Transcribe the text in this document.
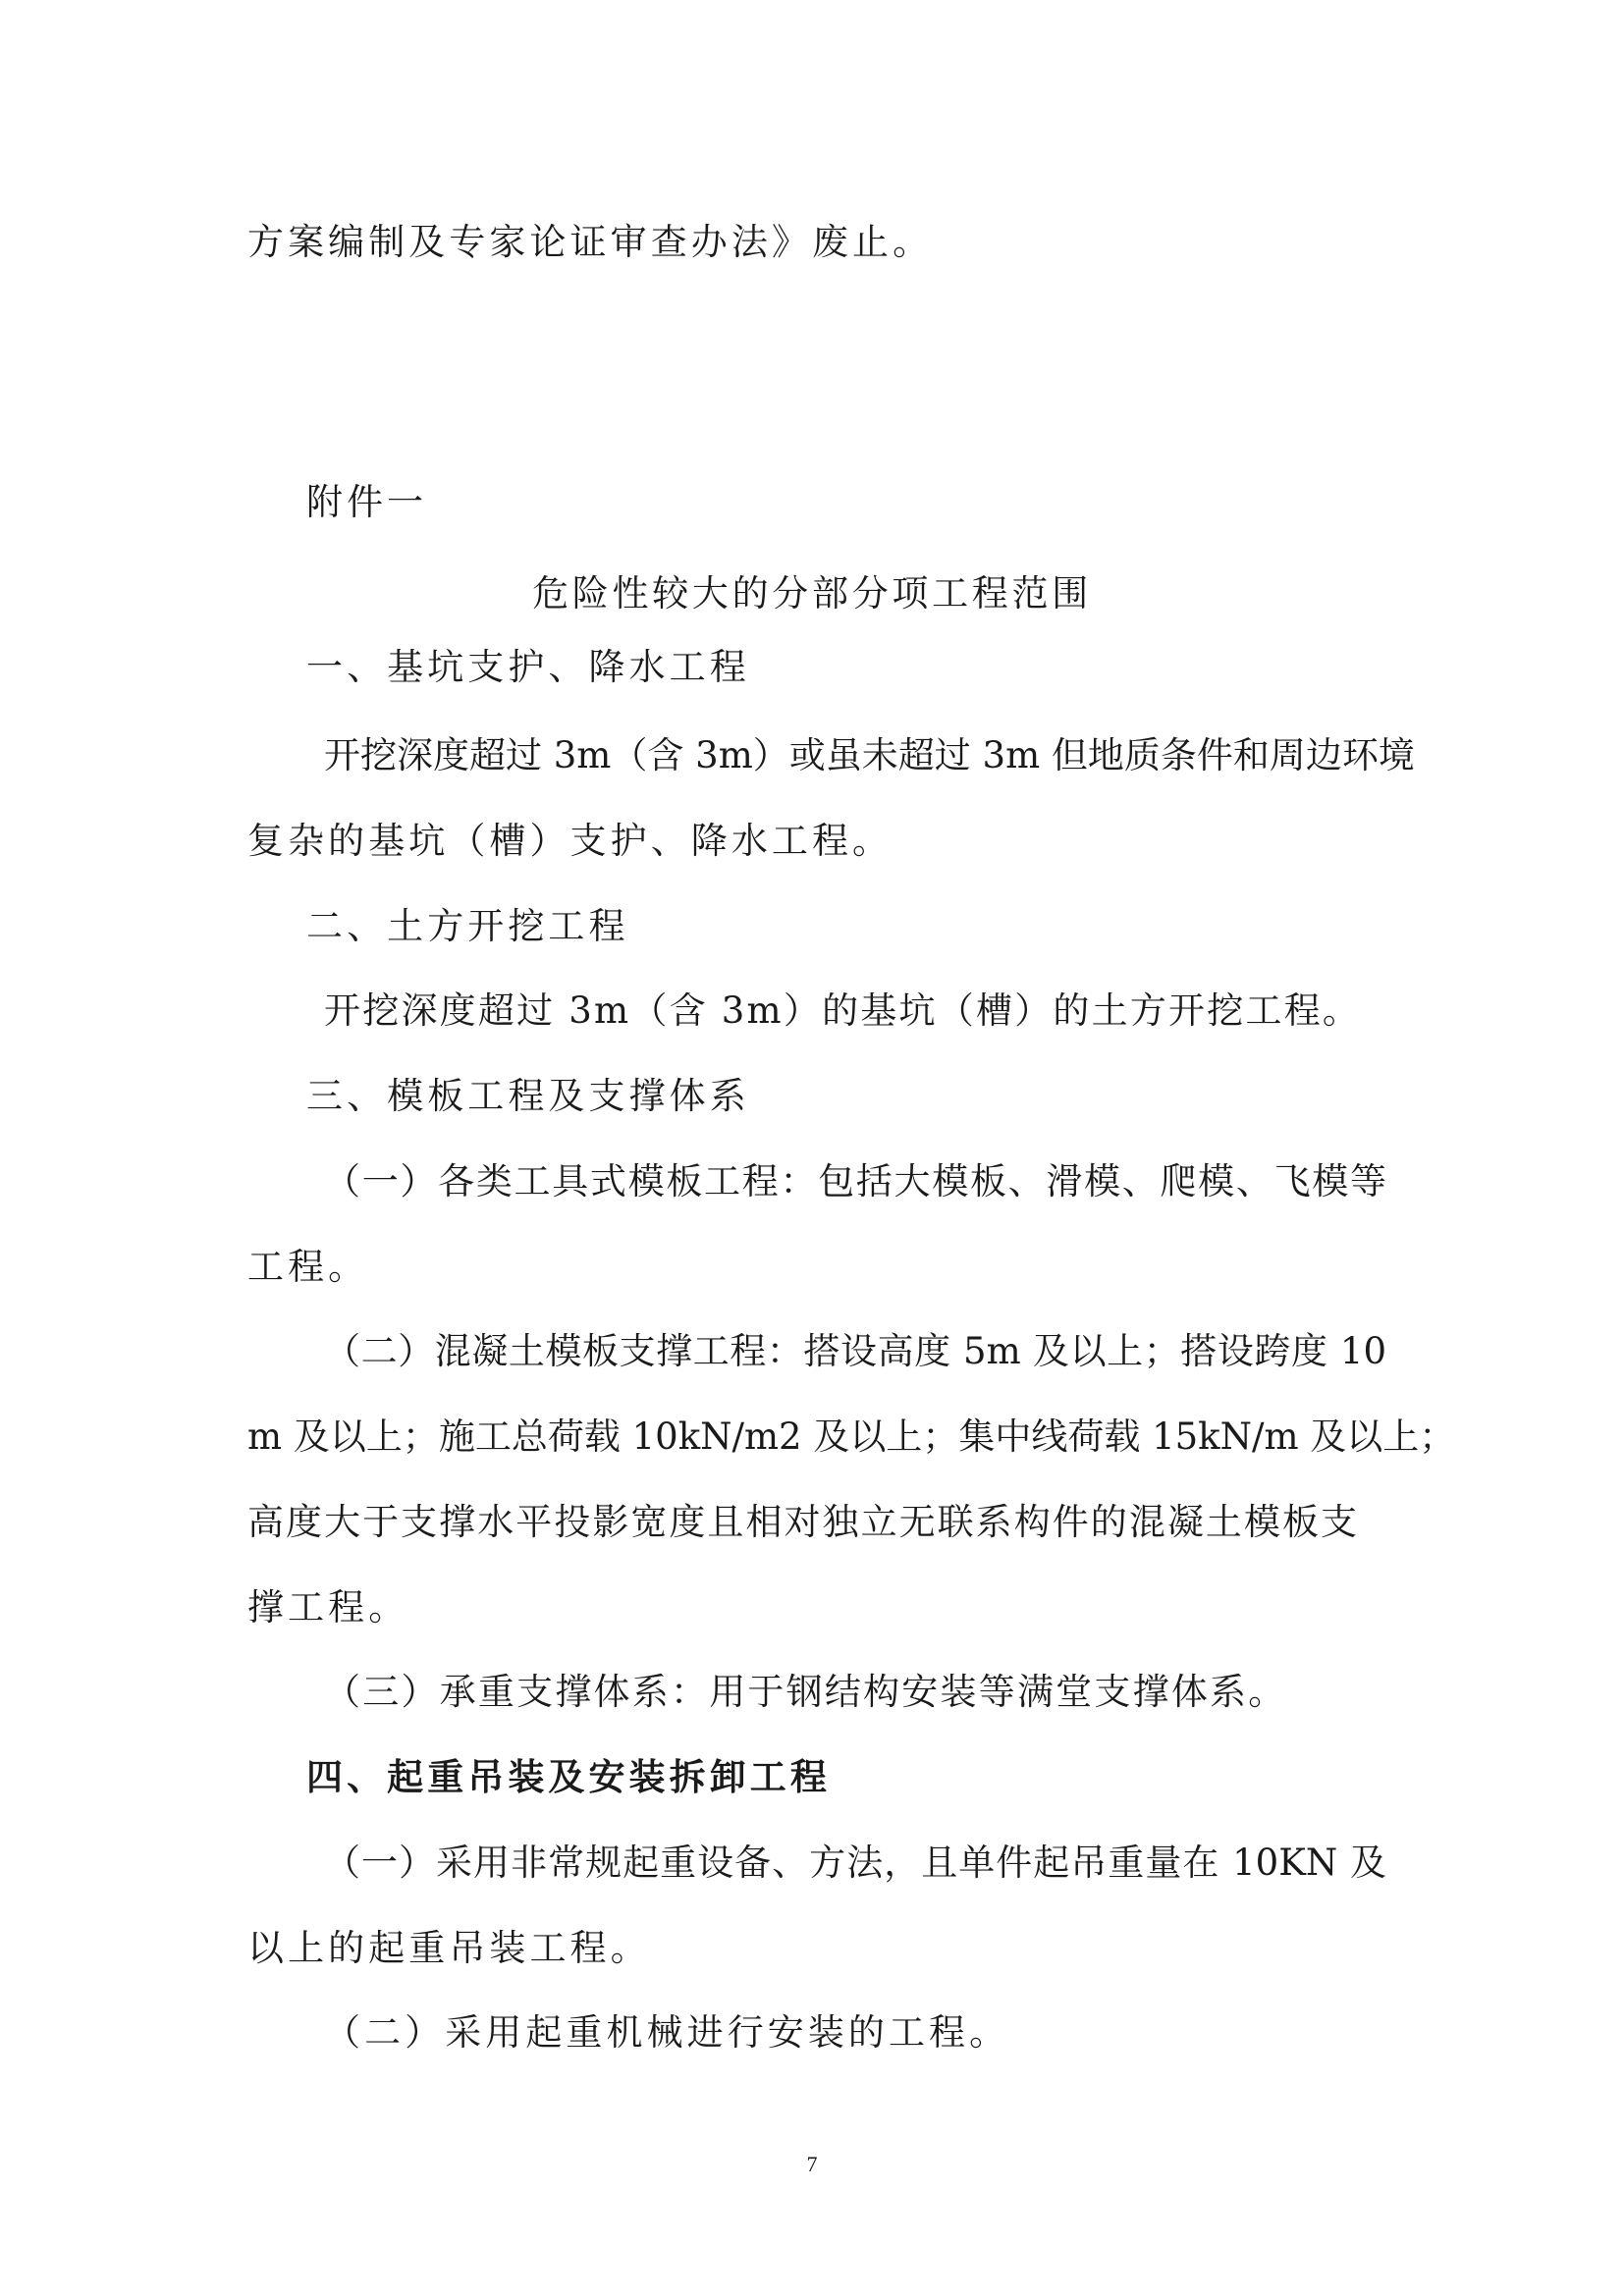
方案编制及专家论证审查办法》废止。
附件一
危险性较大的分部分项工程范围
一、基坑支护、降水工程
开挖深度超过 3m（含 3m）或虽未超过 3m 但地质条件和周边环境
复杂的基坑（槽）支护、降水工程。
二、土方开挖工程
开挖深度超过 3m（含 3m）的基坑（槽）的土方开挖工程。
三、模板工程及支撑体系
（一）各类工具式模板工程：包括大模板、滑模、爬模、飞模等
工程。
（二）混凝土模板支撑工程：搭设高度 5m 及以上；搭设跨度 10
m 及以上；施工总荷载 10kN/m2 及以上；集中线荷载 15kN/m 及以上；
高度大于支撑水平投影宽度且相对独立无联系构件的混凝土模板支
撑工程。
（三）承重支撑体系：用于钢结构安装等满堂支撑体系。
四、起重吊装及安装拆卸工程
（一）采用非常规起重设备、方法，且单件起吊重量在 10KN 及
以上的起重吊装工程。
（二）采用起重机械进行安装的工程。
7
